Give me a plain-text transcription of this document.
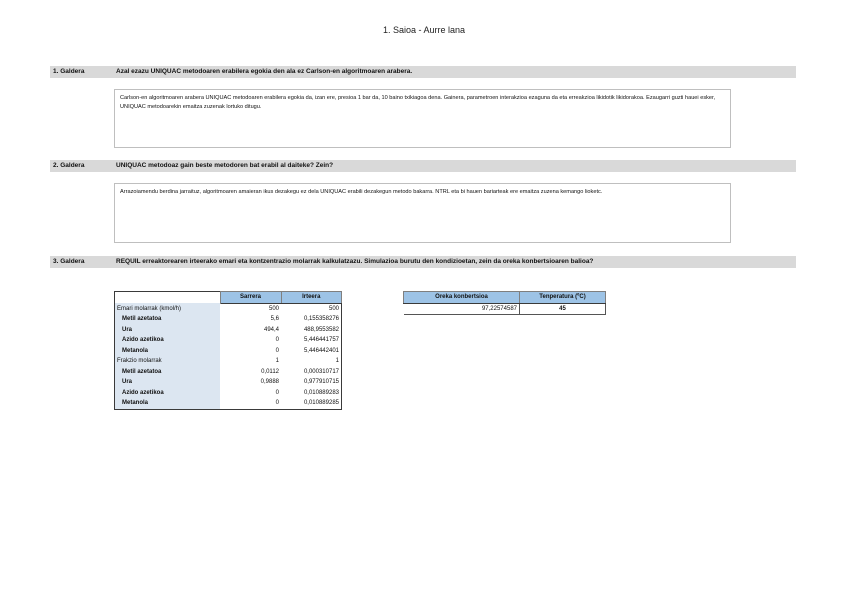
1. Saioa - Aurre lana
1. Galdera	Azal ezazu UNIQUAC metodoaren erabilera egokia den ala ez Carlson-en algoritmoaren arabera.
Carlson-en algoritmoaren arabera UNIQUAC metodoaren erabilera egokia da, izan ere, presioa 1 bar da, 10 baino txikiagoa dena. Gainera, parametroen interakzioa ezaguna da eta erreakzioa likidotik likidorakoa. Ezaugarri guzti hauei esker, UNIQUAC metodoarekin emaitza zuzenak lortuko ditugu.
2. Galdera	UNIQUAC metodoaz gain beste metodoren bat erabil al daiteke? Zein?
Arrazoiamendu berdina jarraituz, algoritmoaren amaieran ikus dezakegu ez dela UNIQUAC erabili dezakegun metodo bakarra. NTRL eta bi hauen bariarteak ere emaitza zuzena kemango lioketc.
3. Galdera	REQUIL erreaktorearen irteerako emari eta kontzentrazio molarrak kalkulatzazu. Simulazioa burutu den kondizioetan, zein da oreka konbertsioaren balioa?
	Sarrera	Irteera
Emari molarrak (kmol/h)	500	500
Metil azetatoa	5,6	0,155358276
Ura	494,4	488,9553582
Azido azetikoa	0	5,446441757
Metanola	0	5,446442401
Frakzio molarrak	1	1
Metil azetatoa	0,0112	0,000310717
Ura	0,9888	0,977910715
Azido azetikoa	0	0,010889283
Metanola	0	0,010889285
Oreka konbertsioa	Tenperatura (ºC)
97,22574587	45
